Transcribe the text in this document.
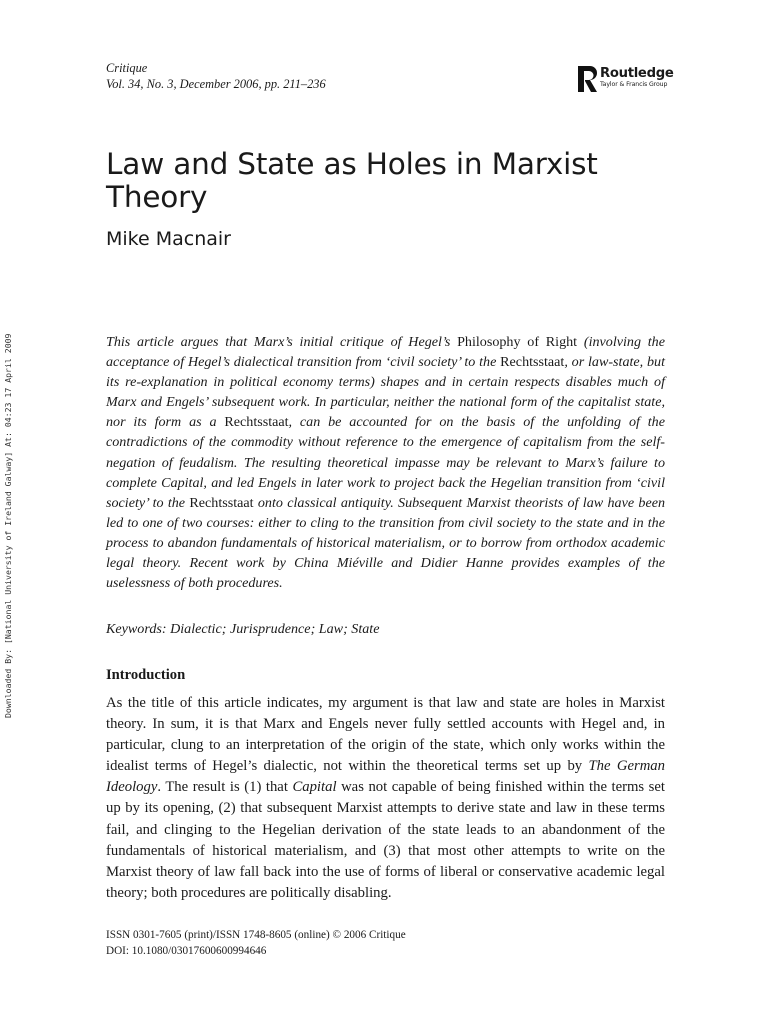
Critique
Vol. 34, No. 3, December 2006, pp. 211–236
Routledge
Taylor & Francis Group
Law and State as Holes in Marxist Theory
Mike Macnair
Downloaded By: [National University of Ireland Galway] At: 04:23 17 April 2009	This article argues that Marx’s initial critique of Hegel’s Philosophy of Right (involving the acceptance of Hegel’s dialectical transition from ‘civil society’ to the Rechtsstaat, or law-state, but its re-explanation in political economy terms) shapes and in certain respects disables much of Marx and Engels’ subsequent work. In particular, neither the national form of the capitalist state, nor its form as a Rechtsstaat, can be accounted for on the basis of the unfolding of the contradictions of the commodity without reference to the emergence of capitalism from the self-negation of feudalism. The resulting theoretical impasse may be relevant to Marx’s failure to complete Capital, and led Engels in later work to project back the Hegelian transition from ‘civil society’ to the Rechtsstaat onto classical antiquity. Subsequent Marxist theorists of law have been led to one of two courses: either to cling to the transition from civil society to the state and in the process to abandon fundamentals of historical materialism, or to borrow from orthodox academic legal theory. Recent work by China Miéville and Didier Hanne provides examples of the uselessness of both procedures.

Keywords: Dialectic; Jurisprudence; Law; State
Introduction

As the title of this article indicates, my argument is that law and state are holes in Marxist theory. In sum, it is that Marx and Engels never fully settled accounts with Hegel and, in particular, clung to an interpretation of the origin of the state, which only works within the idealist terms of Hegel’s dialectic, not within the theoretical terms set up by The German Ideology. The result is (1) that Capital was not capable of being finished within the terms set up by its opening, (2) that subsequent Marxist attempts to derive state and law in these terms fail, and clinging to the Hegelian derivation of the state leads to an abandonment of the fundamentals of historical materialism, and (3) that most other attempts to write on the Marxist theory of law fall back into the use of forms of liberal or conservative academic legal theory; both procedures are politically disabling.

ISSN 0301-7605 (print)/ISSN 1748-8605 (online) © 2006 Critique
DOI: 10.1080/03017600600994646
